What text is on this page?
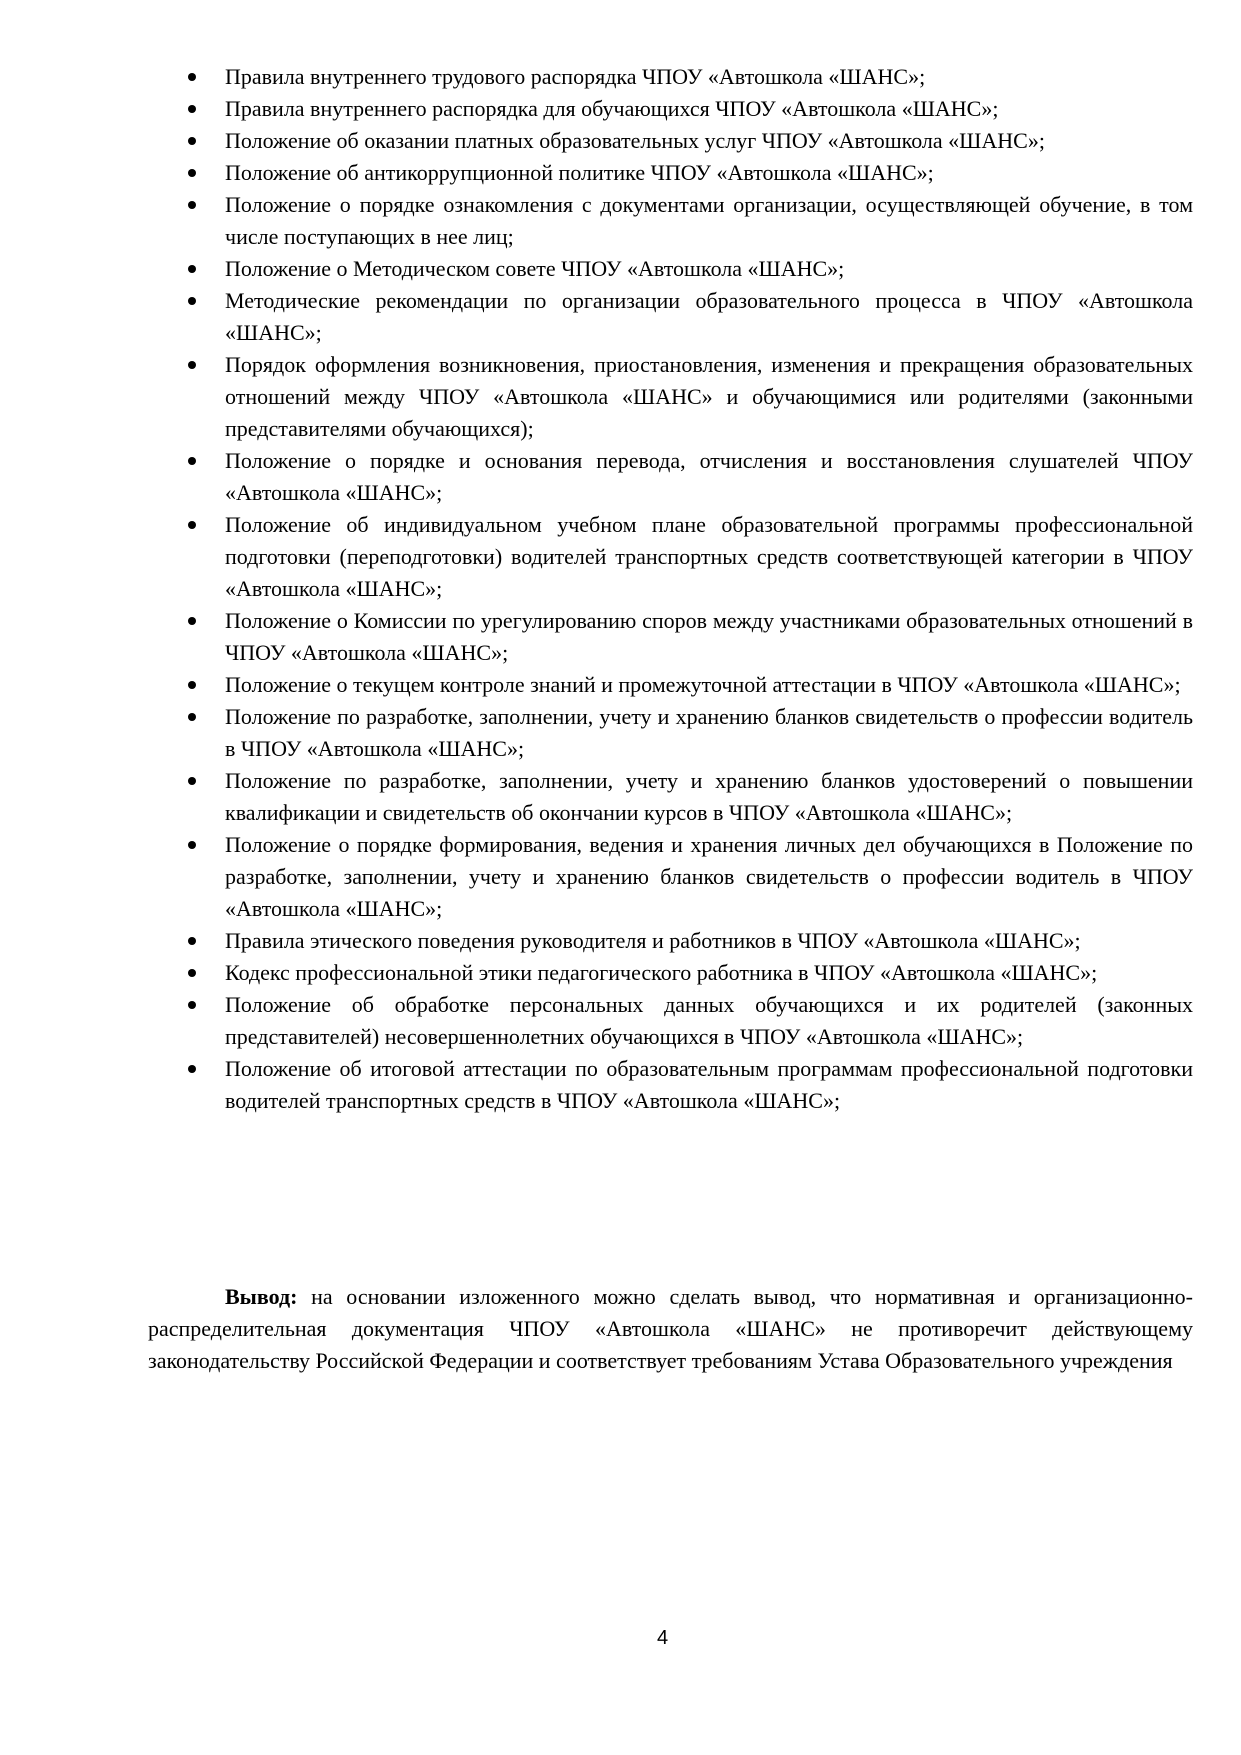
Правила внутреннего трудового распорядка ЧПОУ «Автошкола «ШАНС»;
Правила внутреннего распорядка для обучающихся ЧПОУ «Автошкола «ШАНС»;
Положение об оказании платных образовательных услуг ЧПОУ «Автошкола «ШАНС»;
Положение об антикоррупционной политике ЧПОУ «Автошкола «ШАНС»;
Положение о порядке ознакомления с документами организации, осуществляющей обучение, в том числе поступающих в нее лиц;
Положение о Методическом совете ЧПОУ «Автошкола «ШАНС»;
Методические рекомендации по организации образовательного процесса в ЧПОУ «Автошкола «ШАНС»;
Порядок оформления возникновения, приостановления, изменения и прекращения образовательных отношений между ЧПОУ «Автошкола «ШАНС» и обучающимися или родителями (законными представителями обучающихся);
Положение о порядке и основания перевода, отчисления и восстановления слушателей ЧПОУ «Автошкола «ШАНС»;
Положение об индивидуальном учебном плане образовательной программы профессиональной подготовки (переподготовки) водителей транспортных средств соответствующей категории в ЧПОУ «Автошкола «ШАНС»;
Положение о Комиссии по урегулированию споров между участниками образовательных отношений в ЧПОУ «Автошкола «ШАНС»;
Положение о текущем контроле знаний и промежуточной аттестации в ЧПОУ «Автошкола «ШАНС»;
Положение по разработке, заполнении, учету и хранению бланков свидетельств о профессии водитель в ЧПОУ «Автошкола «ШАНС»;
Положение по разработке, заполнении, учету и хранению бланков удостоверений о повышении квалификации и свидетельств об окончании курсов в ЧПОУ «Автошкола «ШАНС»;
Положение о порядке формирования, ведения и хранения личных дел обучающихся в Положение по разработке, заполнении, учету и хранению бланков свидетельств о профессии водитель в ЧПОУ «Автошкола «ШАНС»;
Правила этического поведения руководителя и работников в ЧПОУ «Автошкола «ШАНС»;
Кодекс профессиональной этики педагогического работника в ЧПОУ «Автошкола «ШАНС»;
Положение об обработке персональных данных обучающихся и их родителей (законных представителей) несовершеннолетних обучающихся в ЧПОУ «Автошкола «ШАНС»;
Положение об итоговой аттестации по образовательным программам профессиональной подготовки водителей транспортных средств в ЧПОУ «Автошкола «ШАНС»;

Вывод: на основании изложенного можно сделать вывод, что нормативная и организационно-распределительная документация ЧПОУ «Автошкола «ШАНС» не противоречит действующему законодательству Российской Федерации и соответствует требованиям Устава Образовательного учреждения

4
